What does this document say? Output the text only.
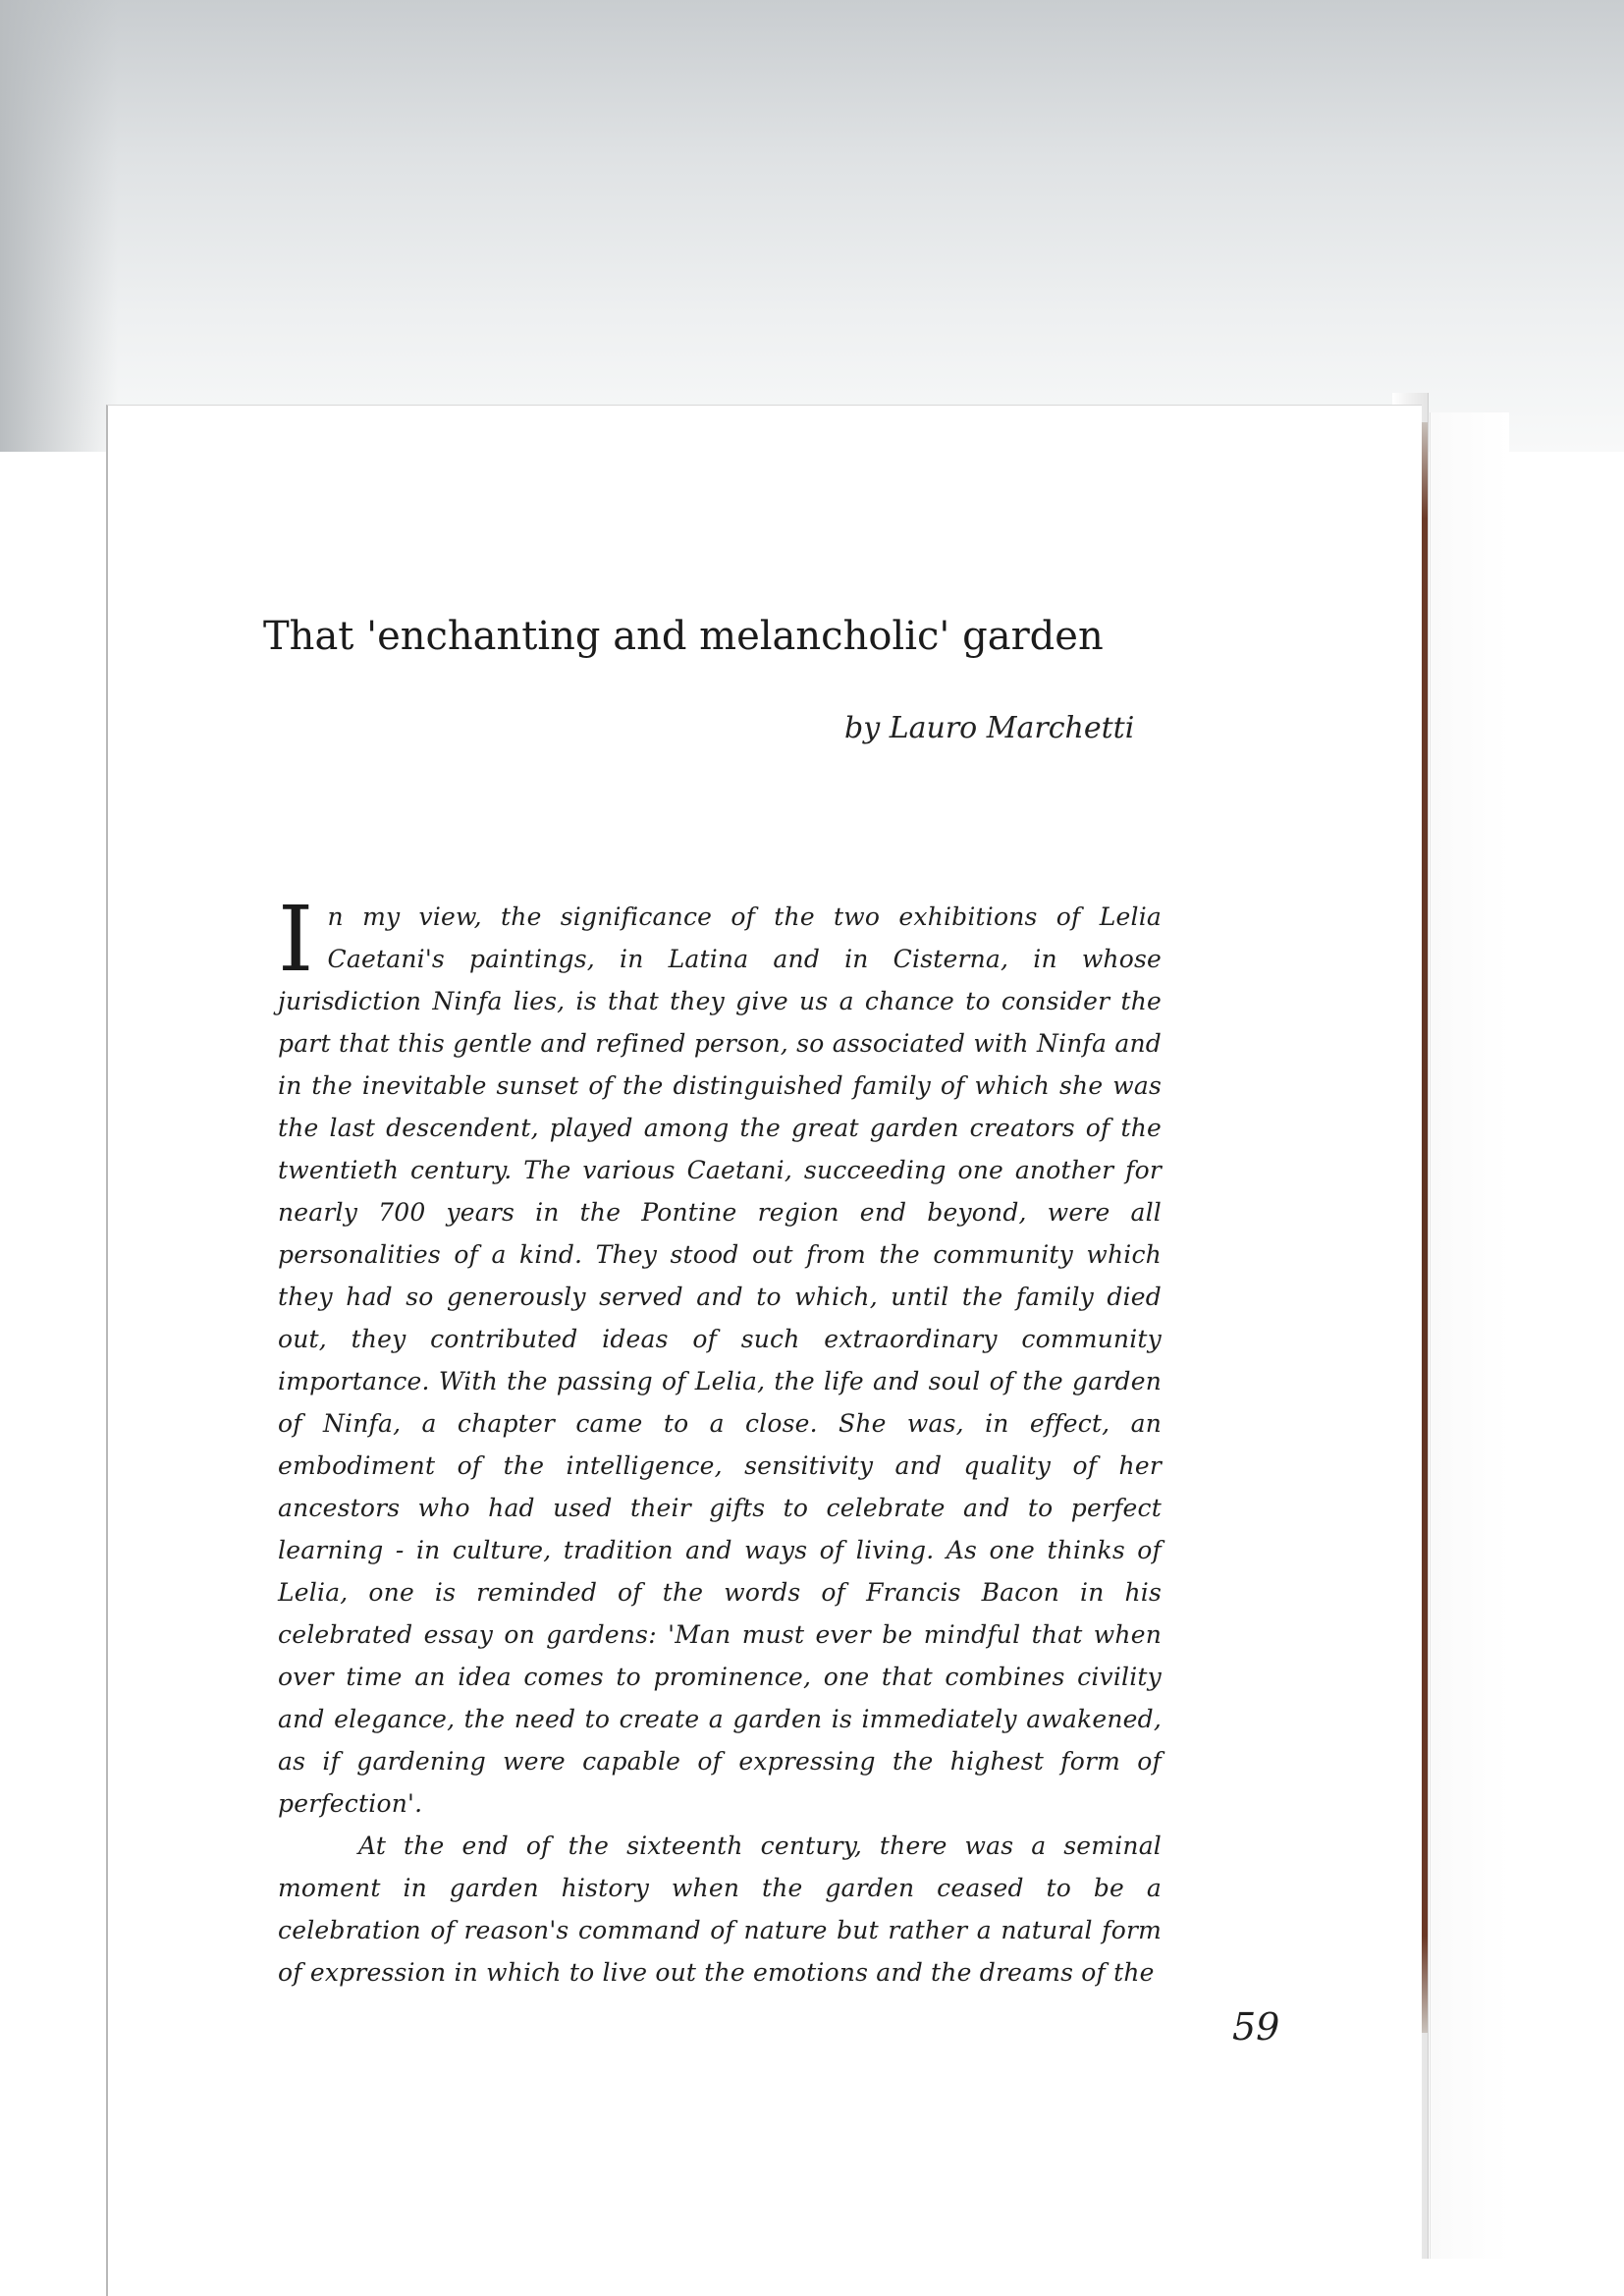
That 'enchanting and melancholic' garden
by Lauro Marchetti

In my view, the significance of the two exhibitions of Lelia Caetani's paintings, in Latina and in Cisterna, in whose jurisdiction Ninfa lies, is that they give us a chance to consider the part that this gentle and refined person, so associated with Ninfa and in the inevitable sunset of the distinguished family of which she was the last descendent, played among the great garden creators of the twentieth century. The various Caetani, succeeding one another for nearly 700 years in the Pontine region end beyond, were all personalities of a kind. They stood out from the community which they had so generously served and to which, until the family died out, they contributed ideas of such extraordinary community importance. With the passing of Lelia, the life and soul of the garden of Ninfa, a chapter came to a close. She was, in effect, an embodiment of the intelligence, sensitivity and quality of her ancestors who had used their gifts to celebrate and to perfect learning - in culture, tradition and ways of living. As one thinks of Lelia, one is reminded of the words of Francis Bacon in his celebrated essay on gardens: 'Man must ever be mindful that when over time an idea comes to prominence, one that combines civility and elegance, the need to create a garden is immediately awakened, as if gardening were capable of expressing the highest form of perfection'.

At the end of the sixteenth century, there was a seminal moment in garden history when the garden ceased to be a celebration of reason's command of nature but rather a natural form of expression in which to live out the emotions and the dreams of the

59
